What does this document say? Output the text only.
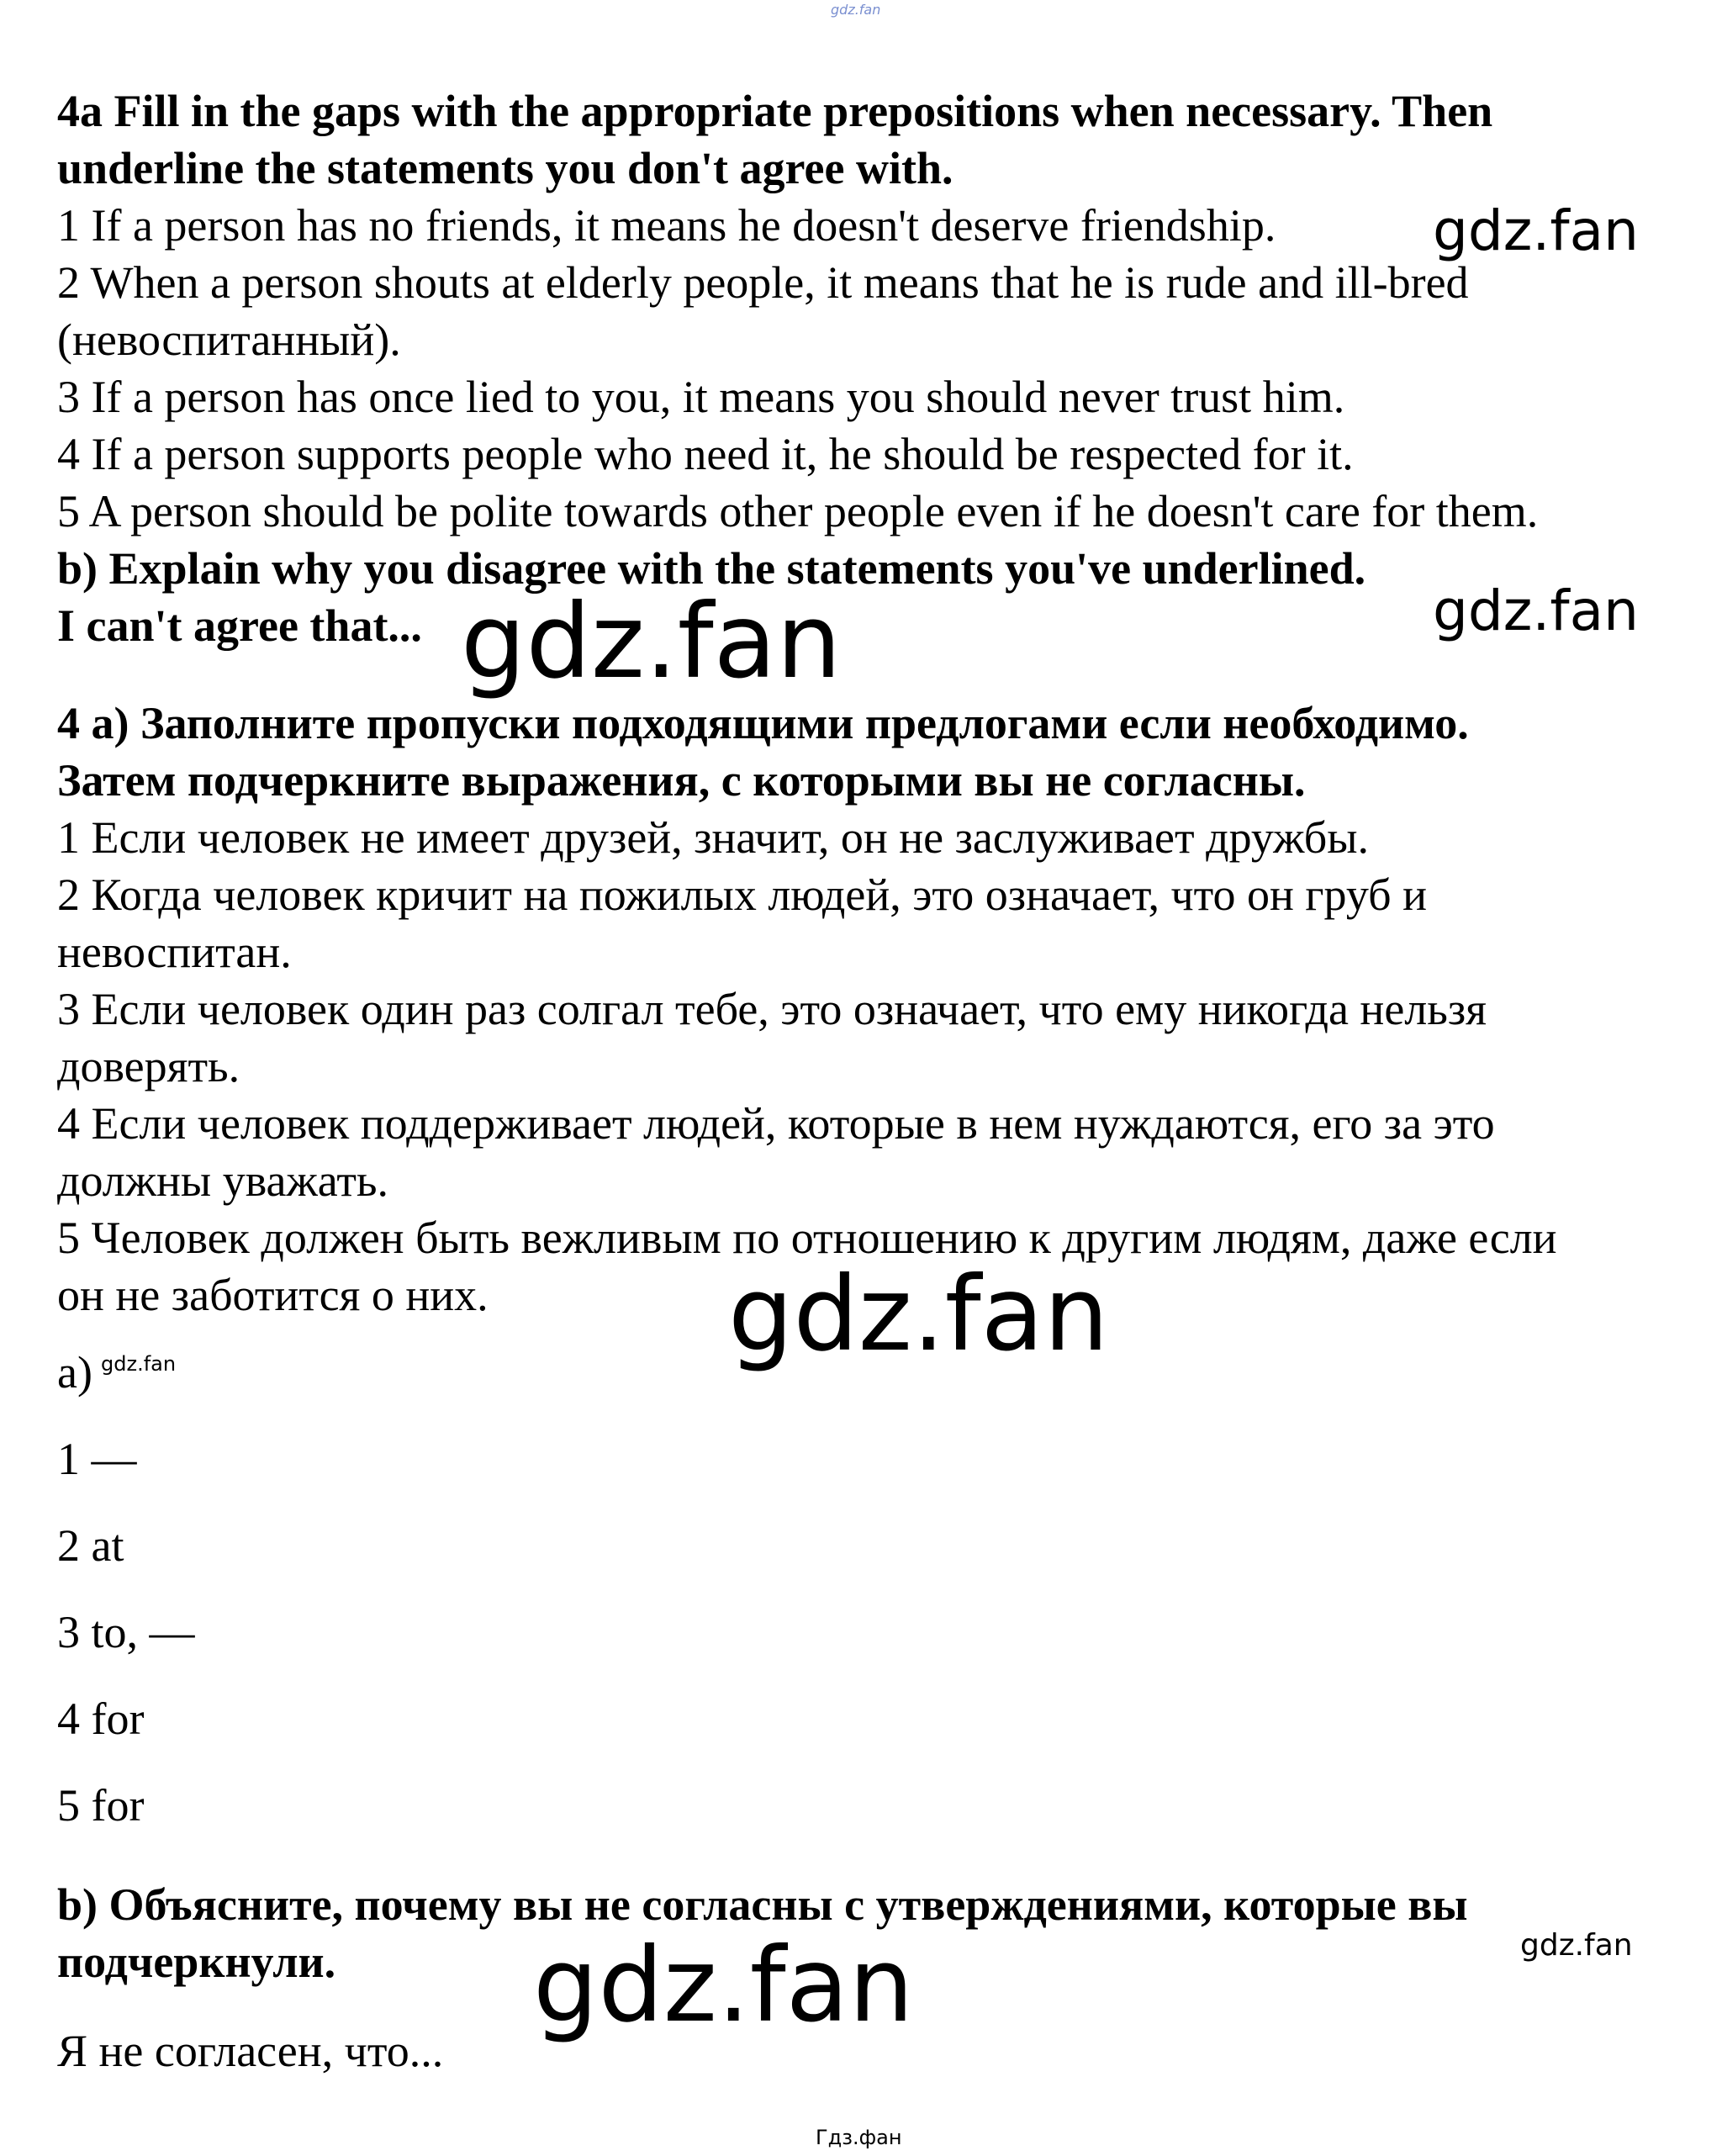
4a Fill in the gaps with the appropriate prepositions when necessary. Then
underline the statements you don't agree with.
1 If a person has no friends, it means he doesn't deserve friendship.
2 When a person shouts at elderly people, it means that he is rude and ill-bred
(невоспитанный).
3 If a person has once lied to you, it means you should never trust him.
4 If a person supports people who need it, he should be respected for it.
5 A person should be polite towards other people even if he doesn't care for them.
b) Explain why you disagree with the statements you've underlined.
I can't agree that...
4 а) Заполните пропуски подходящими предлогами если необходимо.
Затем подчеркните выражения, с которыми вы не согласны.
1 Если человек не имеет друзей, значит, он не заслуживает дружбы.
2 Когда человек кричит на пожилых людей, это означает, что он груб и
невоспитан.
3 Если человек один раз солгал тебе, это означает, что ему никогда нельзя
доверять.
4 Если человек поддерживает людей, которые в нем нуждаются, его за это
должны уважать.
5 Человек должен быть вежливым по отношению к другим людям, даже если
он не заботится о них.
a)
1 —
2 at
3 to, —
4 for
5 for
b) Объясните, почему вы не согласны с утверждениями, которые вы
подчеркнули.
Я не согласен, что...
gdz.fan
gdz.fan
gdz.fan
gdz.fan
gdz.fan
gdz.fan
gdz.fan
gdz.fan
Гдз.фан
